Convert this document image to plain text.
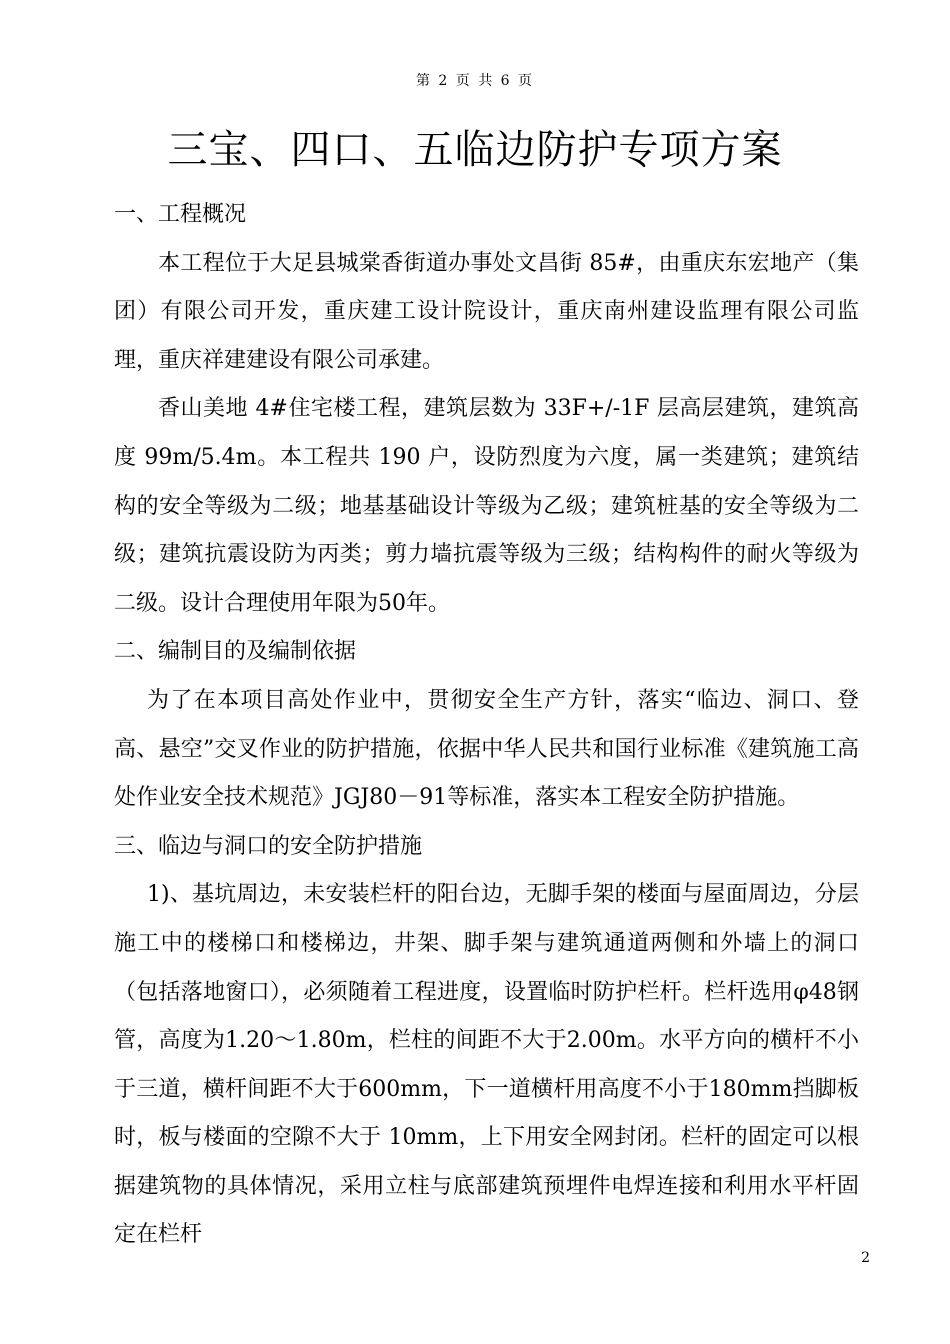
第 2 页 共 6 页
三宝、四口、五临边防护专项方案

一、工程概况

本工程位于大足县城棠香街道办事处文昌街 85#，由重庆东宏地产（集团）有限公司开发，重庆建工设计院设计，重庆南州建设监理有限公司监理，重庆祥建建设有限公司承建。

香山美地 4#住宅楼工程，建筑层数为 33F+/-1F 层高层建筑，建筑高度 99m/5.4m。本工程共 190 户，设防烈度为六度，属一类建筑；建筑结构的安全等级为二级；地基基础设计等级为乙级；建筑桩基的安全等级为二级；建筑抗震设防为丙类；剪力墙抗震等级为三级；结构构件的耐火等级为二级。设计合理使用年限为50年。

二、编制目的及编制依据

为了在本项目高处作业中，贯彻安全生产方针，落实“临边、洞口、登高、悬空”交叉作业的防护措施，依据中华人民共和国行业标准《建筑施工高处作业安全技术规范》JGJ80－91等标准，落实本工程安全防护措施。

三、临边与洞口的安全防护措施

1)、基坑周边，未安装栏杆的阳台边，无脚手架的楼面与屋面周边，分层施工中的楼梯口和楼梯边，井架、脚手架与建筑通道两侧和外墙上的洞口（包括落地窗口），必须随着工程进度，设置临时防护栏杆。栏杆选用φ48钢管，高度为1.20～1.80m，栏柱的间距不大于2.00m。水平方向的横杆不小于三道，横杆间距不大于600mm，下一道横杆用高度不小于180mm挡脚板时，板与楼面的空隙不大于 10mm，上下用安全网封闭。栏杆的固定可以根据建筑物的具体情况，采用立柱与底部建筑预埋件电焊连接和利用水平杆固定在栏杆

2
